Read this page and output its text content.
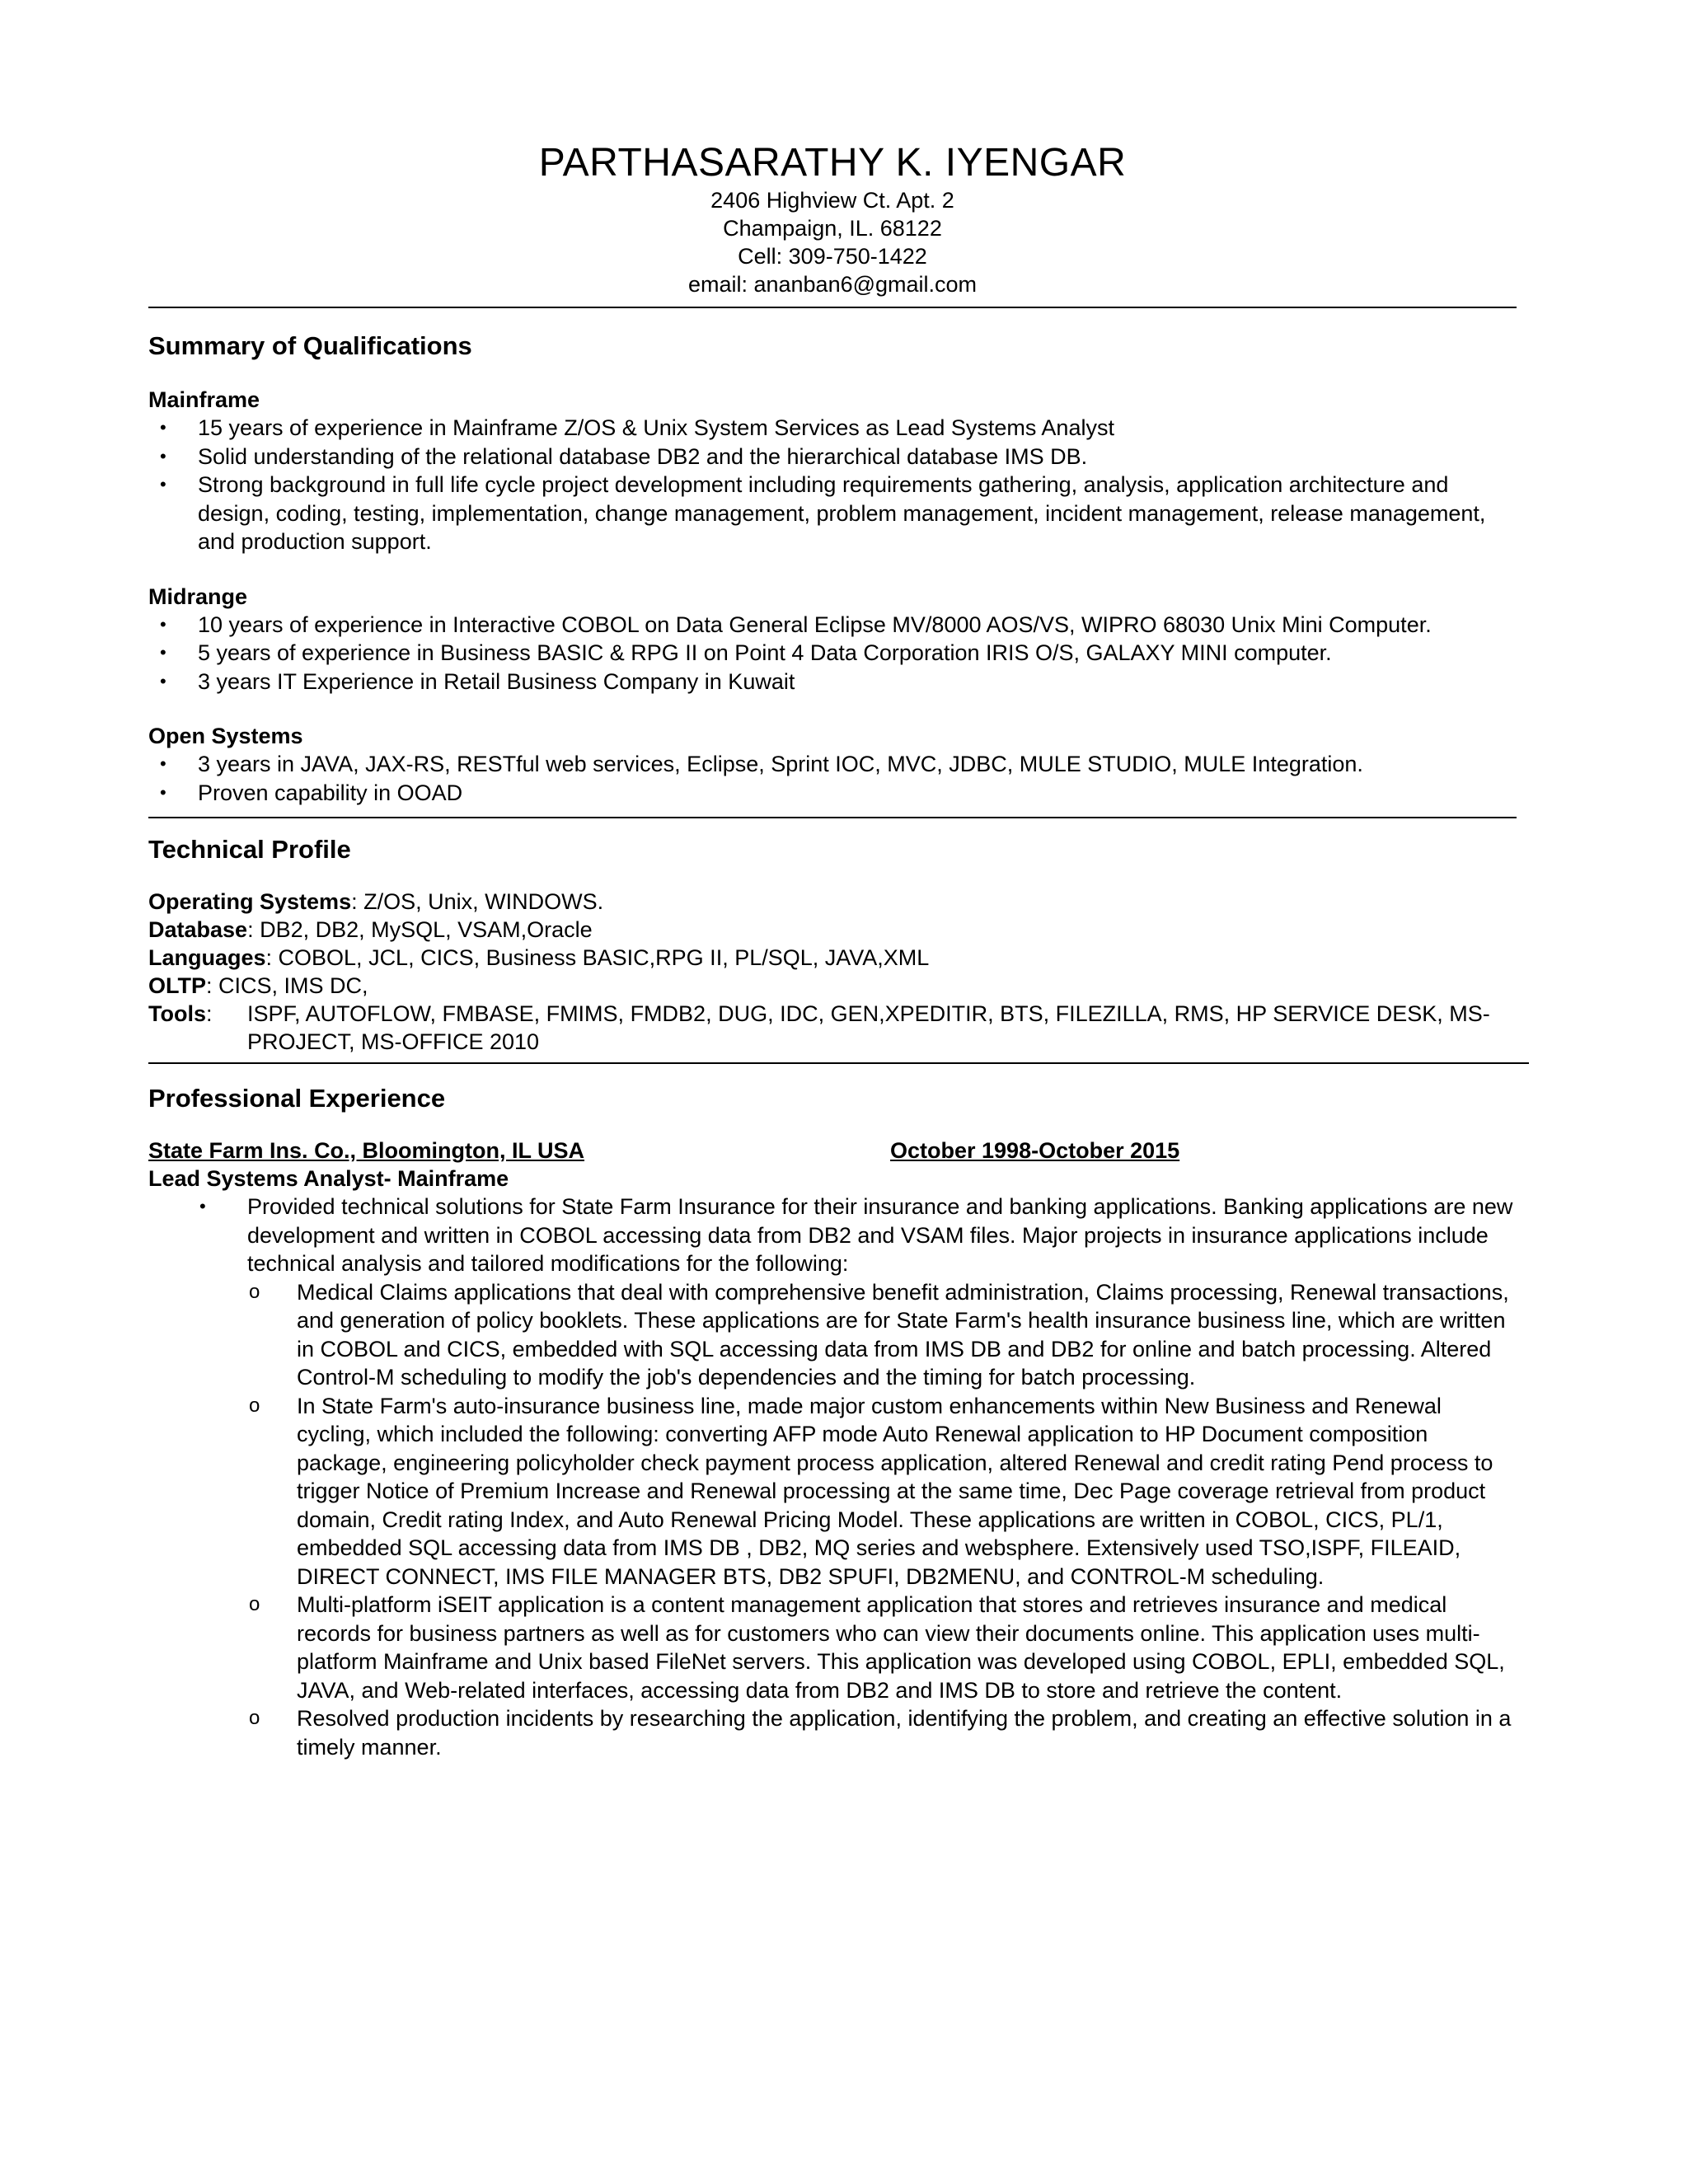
PARTHASARATHY K. IYENGAR
2406 Highview Ct. Apt. 2
Champaign, IL. 68122
Cell: 309-750-1422
email: ananban6@gmail.com
Summary of Qualifications
Mainframe
• 15 years of experience in Mainframe Z/OS & Unix System Services as Lead Systems Analyst
• Solid understanding of the relational database DB2 and the hierarchical database IMS DB.
• Strong background in full life cycle project development including requirements gathering, analysis, application architecture and design, coding, testing, implementation, change management, problem management, incident management, release management, and production support.
Midrange
• 10 years of experience in Interactive COBOL on Data General Eclipse MV/8000 AOS/VS, WIPRO 68030 Unix Mini Computer.
• 5 years of experience in Business BASIC & RPG II on Point 4 Data Corporation IRIS O/S, GALAXY MINI computer.
• 3 years IT Experience in Retail Business Company in Kuwait
Open Systems
• 3 years in JAVA, JAX-RS, RESTful web services, Eclipse, Sprint IOC, MVC, JDBC, MULE STUDIO, MULE Integration.
• Proven capability in OOAD
Technical Profile
Operating Systems: Z/OS, Unix, WINDOWS.
Database: DB2, DB2, MySQL, VSAM,Oracle
Languages: COBOL, JCL, CICS, Business BASIC,RPG II, PL/SQL, JAVA,XML
OLTP: CICS, IMS DC,
Tools:	ISPF, AUTOFLOW, FMBASE, FMIMS, FMDB2, DUG, IDC, GEN,XPEDITIR, BTS, FILEZILLA, RMS, HP SERVICE DESK, MS-PROJECT, MS-OFFICE 2010
Professional Experience
State Farm Ins. Co., Bloomington, IL USA	October 1998-October 2015
Lead Systems Analyst- Mainframe
• Provided technical solutions for State Farm Insurance for their insurance and banking applications. Banking applications are new development and written in COBOL accessing data from DB2 and VSAM files. Major projects in insurance applications include technical analysis and tailored modifications for the following:
o Medical Claims applications that deal with comprehensive benefit administration, Claims processing, Renewal transactions, and generation of policy booklets. These applications are for State Farm's health insurance business line, which are written in COBOL and CICS, embedded with SQL accessing data from IMS DB and DB2 for online and batch processing. Altered Control-M scheduling to modify the job's dependencies and the timing for batch processing.
o In State Farm's auto-insurance business line, made major custom enhancements within New Business and Renewal cycling, which included the following: converting AFP mode Auto Renewal application to HP Document composition package, engineering policyholder check payment process application, altered Renewal and credit rating Pend process to trigger Notice of Premium Increase and Renewal processing at the same time, Dec Page coverage retrieval from product domain, Credit rating Index, and Auto Renewal Pricing Model. These applications are written in COBOL, CICS, PL/1, embedded SQL accessing data from IMS DB , DB2, MQ series and websphere. Extensively used TSO,ISPF, FILEAID, DIRECT CONNECT, IMS FILE MANAGER BTS, DB2 SPUFI, DB2MENU, and CONTROL-M scheduling.
o Multi-platform iSEIT application is a content management application that stores and retrieves insurance and medical records for business partners as well as for customers who can view their documents online. This application uses multi-platform Mainframe and Unix based FileNet servers. This application was developed using COBOL, EPLI, embedded SQL, JAVA, and Web-related interfaces, accessing data from DB2 and IMS DB to store and retrieve the content.
o Resolved production incidents by researching the application, identifying the problem, and creating an effective solution in a timely manner.
